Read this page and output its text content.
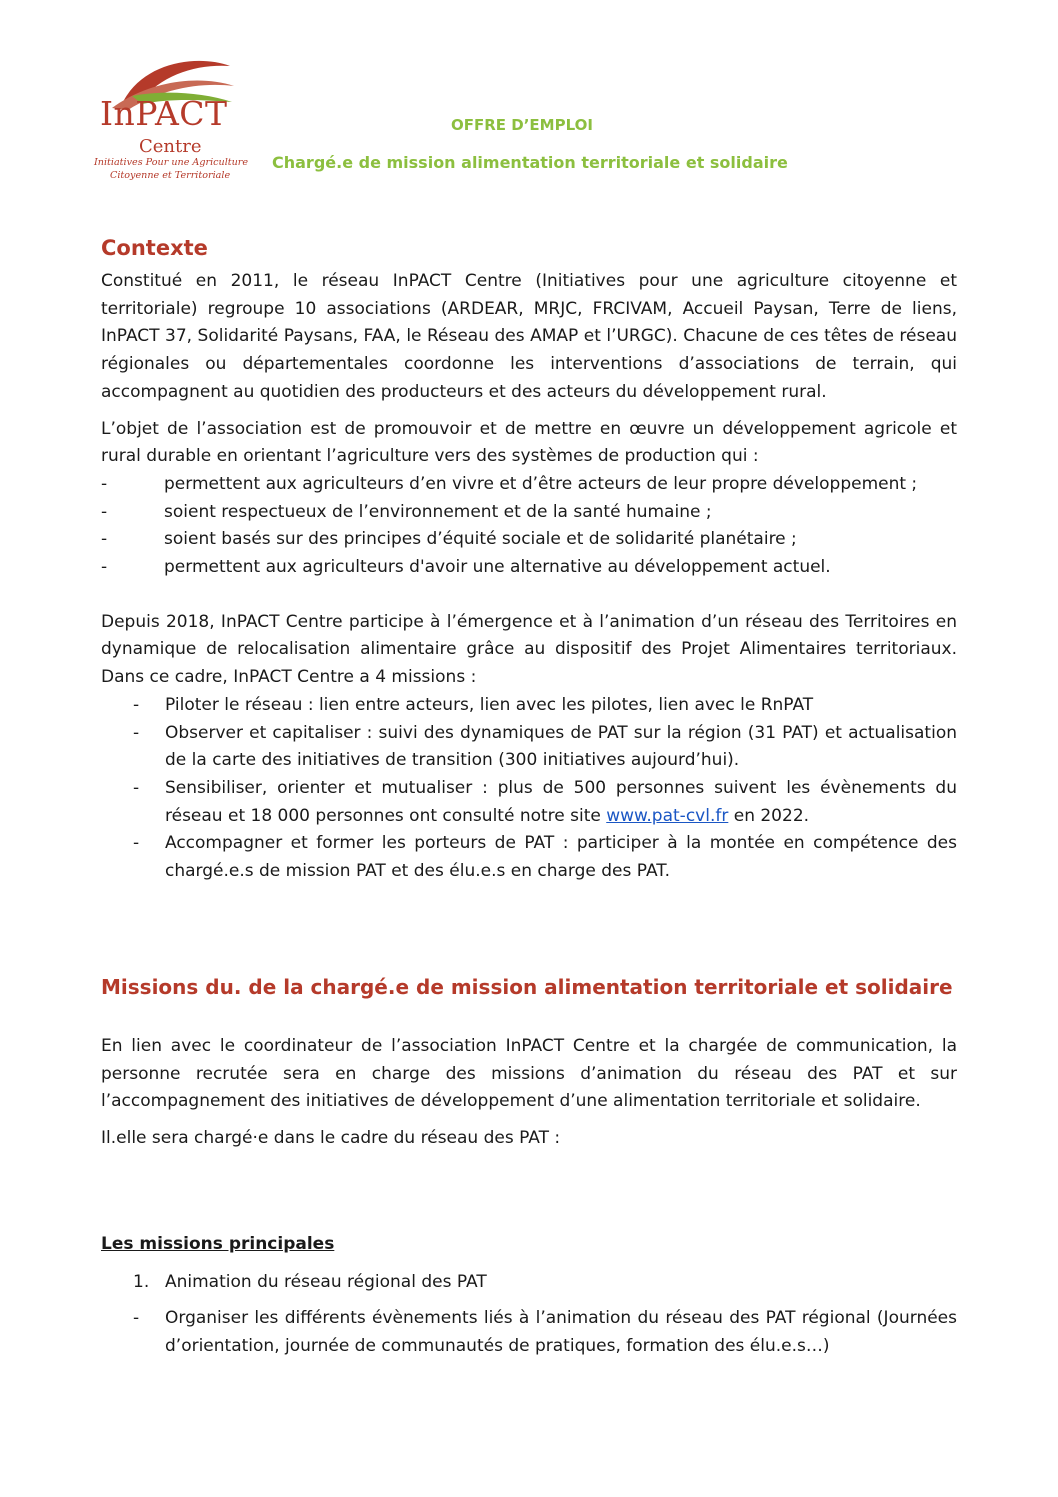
InPACT
Centre
Initiatives Pour une Agriculture
Citoyenne et Territoriale
OFFRE D’EMPLOI
Chargé.e de mission alimentation territoriale et solidaire
Contexte

Constitué en 2011, le réseau InPACT Centre (Initiatives pour une agriculture citoyenne et territoriale) regroupe 10 associations (ARDEAR, MRJC, FRCIVAM, Accueil Paysan, Terre de liens, InPACT 37, Solidarité Paysans, FAA, le Réseau des AMAP et l’URGC). Chacune de ces têtes de réseau régionales ou départementales coordonne les interventions d’associations de terrain, qui accompagnent au quotidien des producteurs et des acteurs du développement rural.

L’objet de l’association est de promouvoir et de mettre en œuvre un développement agricole et rural durable en orientant l’agriculture vers des systèmes de production qui :

-	permettent aux agriculteurs d’en vivre et d’être acteurs de leur propre développement ;
-	soient respectueux de l’environnement et de la santé humaine ;
-	soient basés sur des principes d’équité sociale et de solidarité planétaire ;
-	permettent aux agriculteurs d'avoir une alternative au développement actuel.

Depuis 2018, InPACT Centre participe à l’émergence et à l’animation d’un réseau des Territoires en dynamique de relocalisation alimentaire grâce au dispositif des Projet Alimentaires territoriaux. Dans ce cadre, InPACT Centre a 4 missions :

- Piloter le réseau : lien entre acteurs, lien avec les pilotes, lien avec le RnPAT
- Observer et capitaliser : suivi des dynamiques de PAT sur la région (31 PAT) et actualisation de la carte des initiatives de transition (300 initiatives aujourd’hui).
- Sensibiliser, orienter et mutualiser : plus de 500 personnes suivent les évènements du réseau et 18 000 personnes ont consulté notre site www.pat-cvl.fr en 2022.
- Accompagner et former les porteurs de PAT : participer à la montée en compétence des chargé.e.s de mission PAT et des élu.e.s en charge des PAT.
Missions du. de la chargé.e de mission alimentation territoriale et solidaire

En lien avec le coordinateur de l’association InPACT Centre et la chargée de communication, la personne recrutée sera en charge des missions d’animation du réseau des PAT et sur l’accompagnement des initiatives de développement d’une alimentation territoriale et solidaire.

Il.elle sera chargé·e dans le cadre du réseau des PAT :

Les missions principales

1. Animation du réseau régional des PAT
- Organiser les différents évènements liés à l’animation du réseau des PAT régional (Journées d’orientation, journée de communautés de pratiques, formation des élu.e.s…)
